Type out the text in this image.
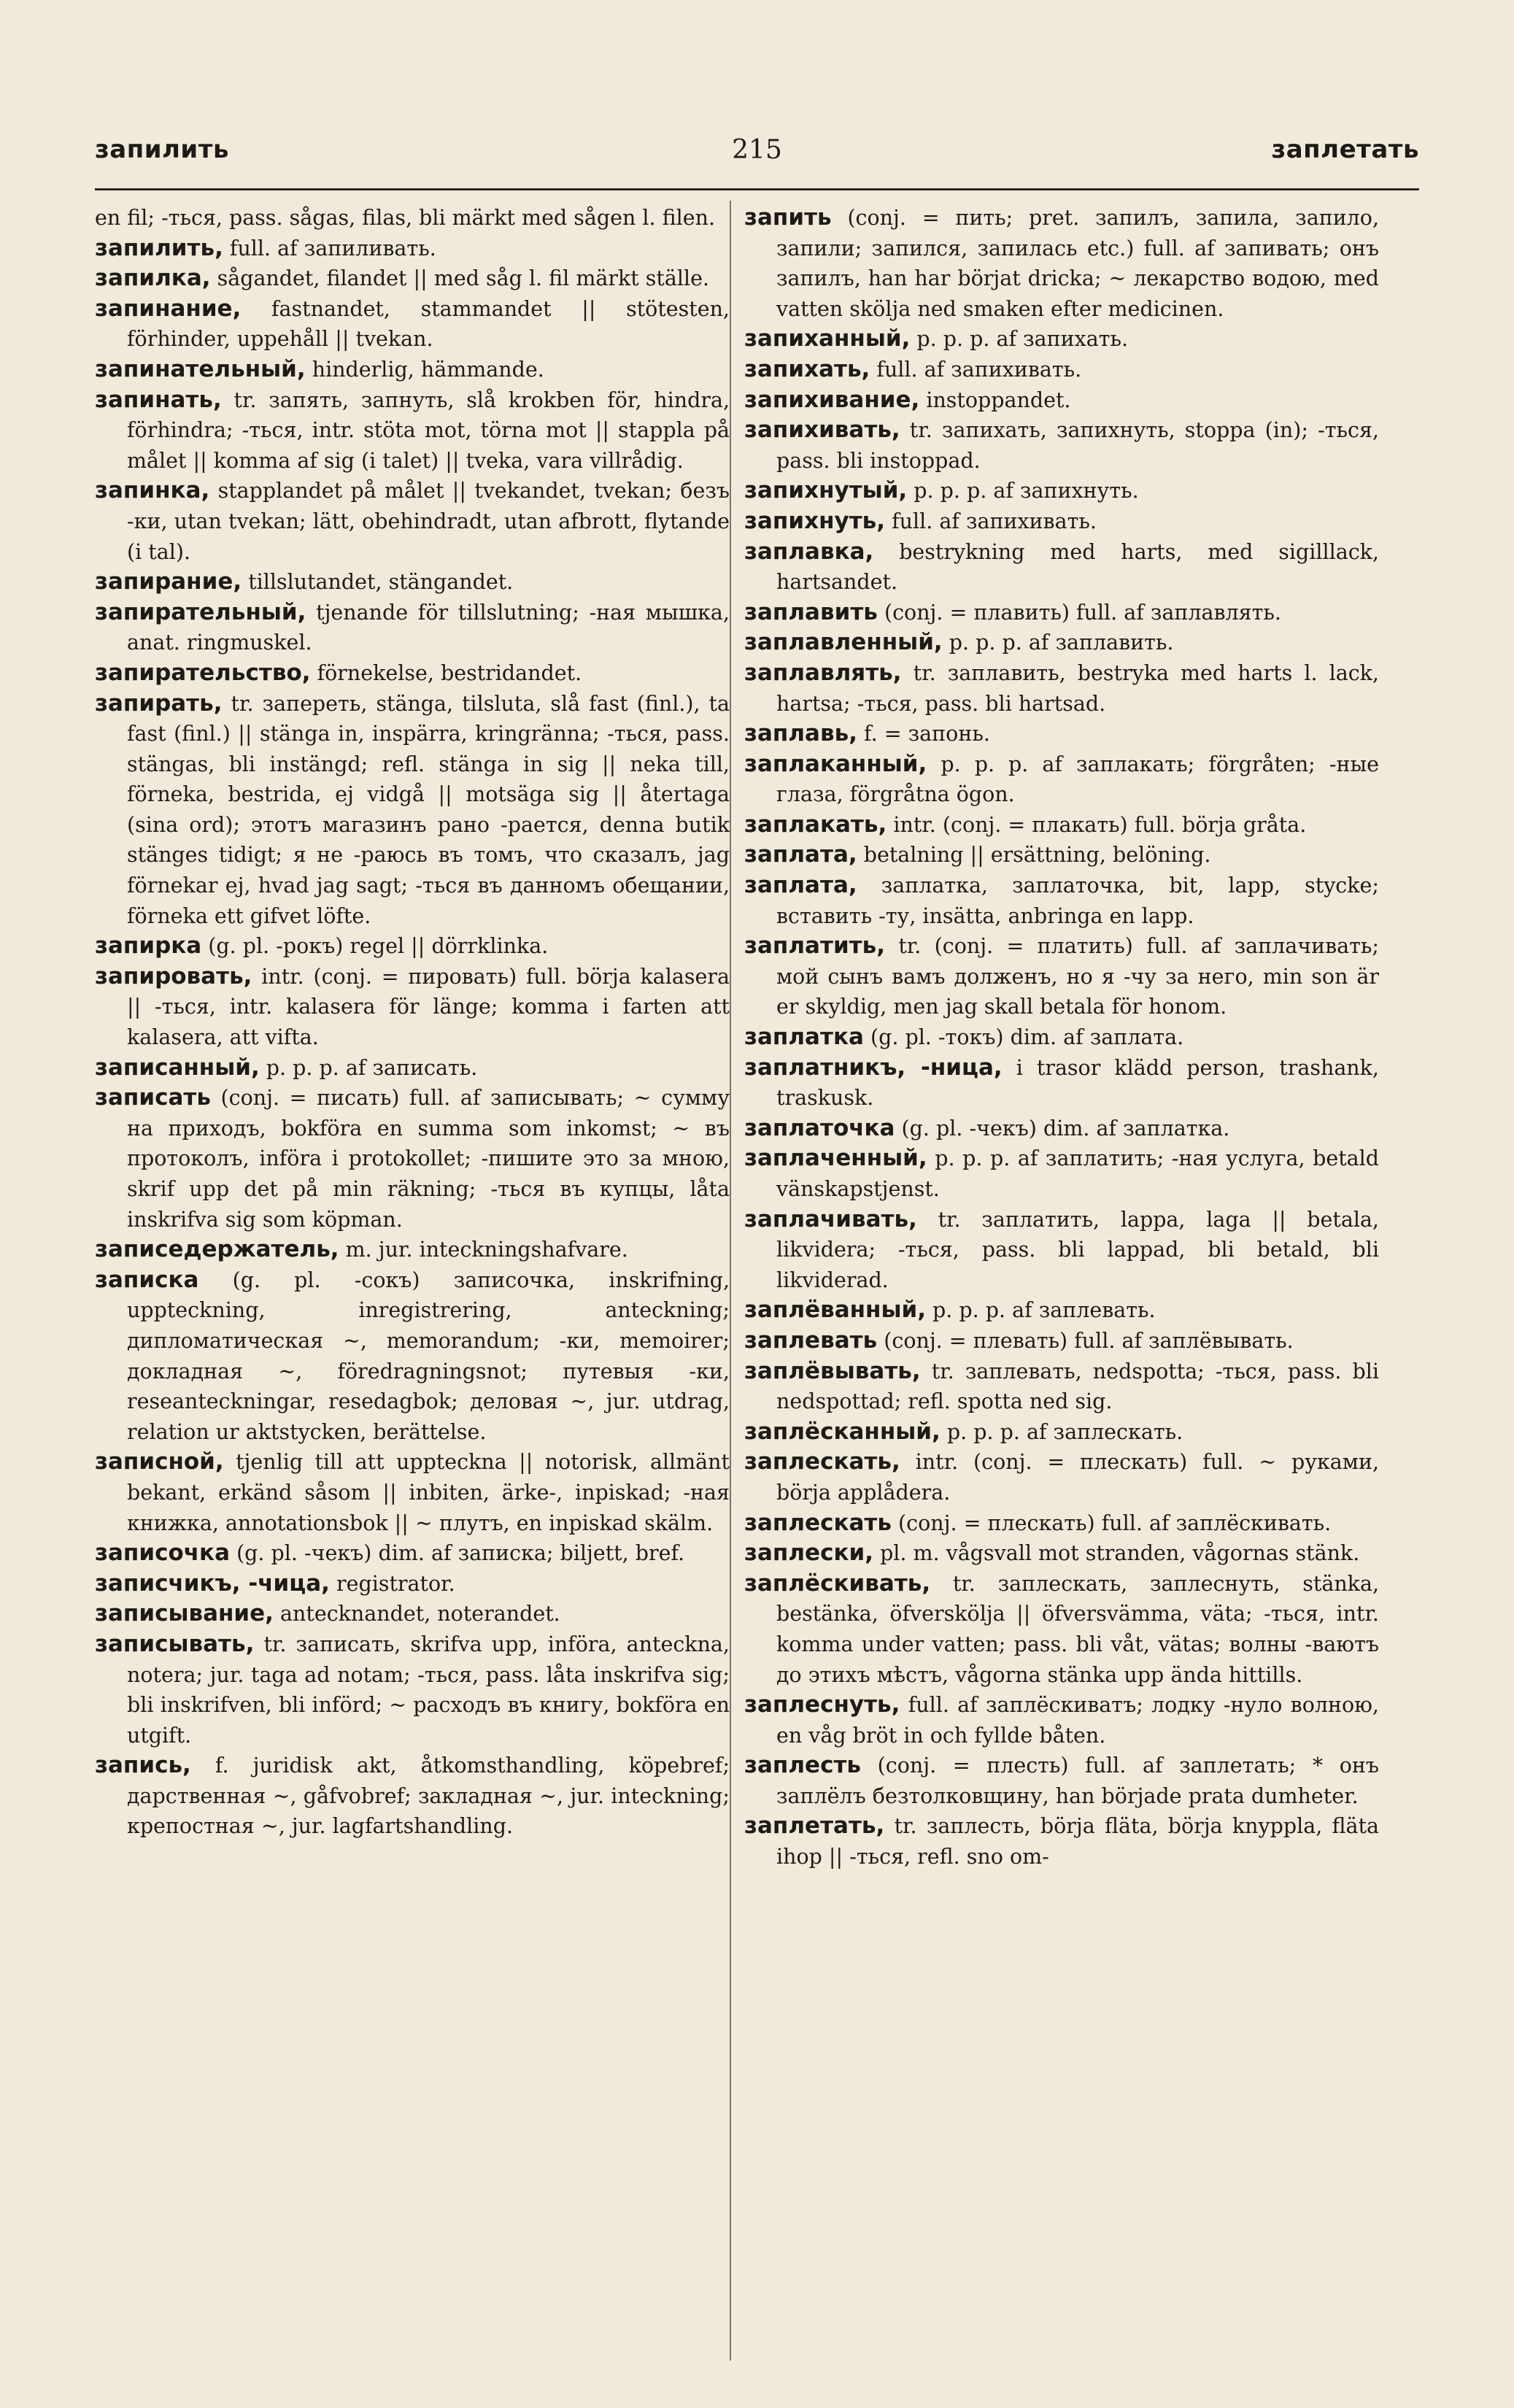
запилить	215	заплетать

en fil; -ться, pass. sågas, filas, bli märkt med sågen l. filen.

запилить, full. af запиливать.

запилка, sågandet, filandet || med såg l. fil märkt ställe.

запинание, fastnandet, stammandet || stötesten, förhinder, uppehåll || tvekan.

запинательный, hinderlig, hämmande.

запинать, tr. запять, запнуть, slå krokben för, hindra, förhindra; -ться, intr. stöta mot, törna mot || stappla på målet || komma af sig (i talet) || tveka, vara villrådig.

запинка, stapplandet på målet || tvekandet, tvekan; безъ -ки, utan tvekan; lätt, obehindradt, utan afbrott, flytande (i tal).

запирание, tillslutandet, stängandet.

запирательный, tjenande för tillslutning; -ная мышка, anat. ringmuskel.

запирательство, förnekelse, bestridandet.

запирать, tr. запереть, stänga, tilsluta, slå fast (finl.), ta fast (finl.) || stänga in, inspärra, kringränna; -ться, pass. stängas, bli instängd; refl. stänga in sig || neka till, förneka, bestrida, ej vidgå || motsäga sig || återtaga (sina ord); этотъ магазинъ рано -рается, denna butik stänges tidigt; я не -раюсь въ томъ, что сказалъ, jag förnekar ej, hvad jag sagt; -ться въ данномъ обещании, förneka ett gifvet löfte.

запирка (g. pl. -рокъ) regel || dörrklinka.

запировать, intr. (conj. = пировать) full. börja kalasera || -ться, intr. kalasera för länge; komma i farten att kalasera, att vifta.

записанный, p. p. p. af записать.

записать (conj. = писать) full. af записывать; ~ сумму на приходъ, bokföra en summa som inkomst; ~ въ протоколъ, införa i protokollet; -пишите это за мною, skrif upp det på min räkning; -ться въ купцы, låta inskrifva sig som köpman.

записедержатель, m. jur. inteckningshafvare.

записка (g. pl. -сокъ) записочка, inskrifning, uppteckning, inregistrering, anteckning; дипломатическая ~, memorandum; -ки, memoirer; докладная ~, föredragningsnot; путевыя -ки, reseanteckningar, resedagbok; деловая ~, jur. utdrag, relation ur aktstycken, berättelse.

записной, tjenlig till att uppteckna || notorisk, allmänt bekant, erkänd såsom || inbiten, ärke-, inpiskad; -ная книжка, annotationsbok || ~ плутъ, en inpiskad skälm.

записочка (g. pl. -чекъ) dim. af записка; biljett, bref.

записчикъ, -чица, registrator.

записывание, antecknandet, noterandet.

записывать, tr. записать, skrifva upp, införa, anteckna, notera; jur. taga ad notam; -ться, pass. låta inskrifva sig; bli inskrifven, bli införd; ~ расходъ въ книгу, bokföra en utgift.

запись, f. juridisk akt, åtkomsthandling, köpebref; дарственная ~, gåfvobref; закладная ~, jur. inteckning; крепостная ~, jur. lagfartshandling.

запить (conj. = пить; pret. запилъ, запила, запило, запили; запился, запилась etc.) full. af запивать; онъ запилъ, han har börjat dricka; ~ лекарство водою, med vatten skölja ned smaken efter medicinen.

запиханный, p. p. p. af запихать.

запихать, full. af запихивать.

запихивание, instoppandet.

запихивать, tr. запихать, запихнуть, stoppa (in); -ться, pass. bli instoppad.

запихнутый, p. p. p. af запихнуть.

запихнуть, full. af запихивать.

заплавка, bestrykning med harts, med sigilllack, hartsandet.

заплавить (conj. = плавить) full. af заплавлять.

заплавленный, p. p. p. af заплавить.

заплавлять, tr. заплавить, bestryka med harts l. lack, hartsa; -ться, pass. bli hartsad.

заплавь, f. = запонь.

заплаканный, p. p. p. af заплакать; förgråten; -ные глаза, förgråtna ögon.

заплакать, intr. (conj. = плакать) full. börja gråta.

заплата, betalning || ersättning, belöning.

заплата, заплатка, заплаточка, bit, lapp, stycke; вставить -ту, insätta, anbringa en lapp.

заплатить, tr. (conj. = платить) full. af заплачивать; мой сынъ вамъ долженъ, но я -чу за него, min son är er skyldig, men jag skall betala för honom.

заплатка (g. pl. -токъ) dim. af заплата.

заплатникъ, -ница, i trasor klädd person, trashank, traskusk.

заплаточка (g. pl. -чекъ) dim. af заплатка.

заплаченный, p. p. p. af заплатить; -ная услуга, betald vänskapstjenst.

заплачивать, tr. заплатить, lappa, laga || betala, likvidera; -ться, pass. bli lappad, bli betald, bli likviderad.

заплёванный, p. p. p. af заплевать.

заплевать (conj. = плевать) full. af заплёвывать.

заплёвывать, tr. заплевать, nedspotta; -ться, pass. bli nedspottad; refl. spotta ned sig.

заплёсканный, p. p. p. af заплескать.

заплескать, intr. (conj. = плескать) full. ~ руками, börja applådera.

заплескать (conj. = плескать) full. af заплёскивать.

заплески, pl. m. vågsvall mot stranden, vågornas stänk.

заплёскивать, tr. заплескать, заплеснуть, stänka, bestänka, öfverskölja || öfversvämma, väta; -ться, intr. komma under vatten; pass. bli våt, vätas; волны -ваютъ до этихъ мѣстъ, vågorna stänka upp ända hittills.

заплеснуть, full. af заплёскиватъ; лодку -нуло волною, en våg bröt in och fyllde båten.

заплесть (conj. = плесть) full. af заплетать; * онъ заплёлъ безтолковщину, han började prata dumheter.

заплетать, tr. заплесть, börja fläta, börja knyppla, fläta ihop || -ться, refl. sno om-
